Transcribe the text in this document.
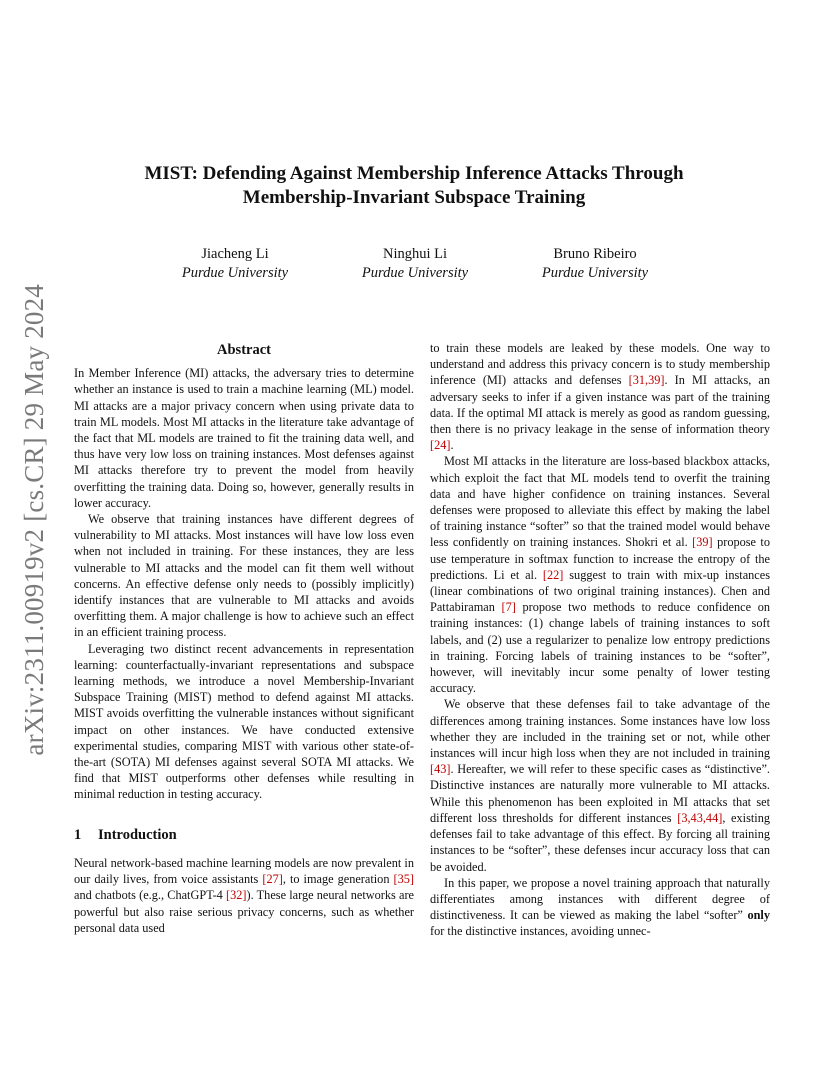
arXiv:2311.00919v2 [cs.CR] 29 May 2024
MIST: Defending Against Membership Inference Attacks Through
Membership-Invariant Subspace Training
Jiacheng Li
Purdue University
Ninghui Li
Purdue University
Bruno Ribeiro
Purdue University
Abstract

In Member Inference (MI) attacks, the adversary tries to determine whether an instance is used to train a machine learning (ML) model. MI attacks are a major privacy concern when using private data to train ML models. Most MI attacks in the literature take advantage of the fact that ML models are trained to fit the training data well, and thus have very low loss on training instances. Most defenses against MI attacks therefore try to prevent the model from heavily overfitting the training data. Doing so, however, generally results in lower accuracy.

We observe that training instances have different degrees of vulnerability to MI attacks. Most instances will have low loss even when not included in training. For these instances, they are less vulnerable to MI attacks and the model can fit them well without concerns. An effective defense only needs to (possibly implicitly) identify instances that are vulnerable to MI attacks and avoids overfitting them. A major challenge is how to achieve such an effect in an efficient training process.

Leveraging two distinct recent advancements in representation learning: counterfactually-invariant representations and subspace learning methods, we introduce a novel Membership-Invariant Subspace Training (MIST) method to defend against MI attacks. MIST avoids overfitting the vulnerable instances without significant impact on other instances. We have conducted extensive experimental studies, comparing MIST with various other state-of-the-art (SOTA) MI defenses against several SOTA MI attacks. We find that MIST outperforms other defenses while resulting in minimal reduction in testing accuracy.

1 Introduction

Neural network-based machine learning models are now prevalent in our daily lives, from voice assistants [27], to image generation [35] and chatbots (e.g., ChatGPT-4 [32]). These large neural networks are powerful but also raise serious privacy concerns, such as whether personal data used

to train these models are leaked by these models. One way to understand and address this privacy concern is to study membership inference (MI) attacks and defenses [31,39]. In MI attacks, an adversary seeks to infer if a given instance was part of the training data. If the optimal MI attack is merely as good as random guessing, then there is no privacy leakage in the sense of information theory [24].

Most MI attacks in the literature are loss-based blackbox attacks, which exploit the fact that ML models tend to overfit the training data and have higher confidence on training instances. Several defenses were proposed to alleviate this effect by making the label of training instance “softer” so that the trained model would behave less confidently on training instances. Shokri et al. [39] propose to use temperature in softmax function to increase the entropy of the predictions. Li et al. [22] suggest to train with mix-up instances (linear combinations of two original training instances). Chen and Pattabiraman [7] propose two methods to reduce confidence on training instances: (1) change labels of training instances to soft labels, and (2) use a regularizer to penalize low entropy predictions in training. Forcing labels of training instances to be “softer”, however, will inevitably incur some penalty of lower testing accuracy.

We observe that these defenses fail to take advantage of the differences among training instances. Some instances have low loss whether they are included in the training set or not, while other instances will incur high loss when they are not included in training [43]. Hereafter, we will refer to these specific cases as “distinctive”. Distinctive instances are naturally more vulnerable to MI attacks. While this phenomenon has been exploited in MI attacks that set different loss thresholds for different instances [3,43,44], existing defenses fail to take advantage of this effect. By forcing all training instances to be “softer”, these defenses incur accuracy loss that can be avoided.

In this paper, we propose a novel training approach that naturally differentiates among instances with different degree of distinctiveness. It can be viewed as making the label “softer” only for the distinctive instances, avoiding unnec-
